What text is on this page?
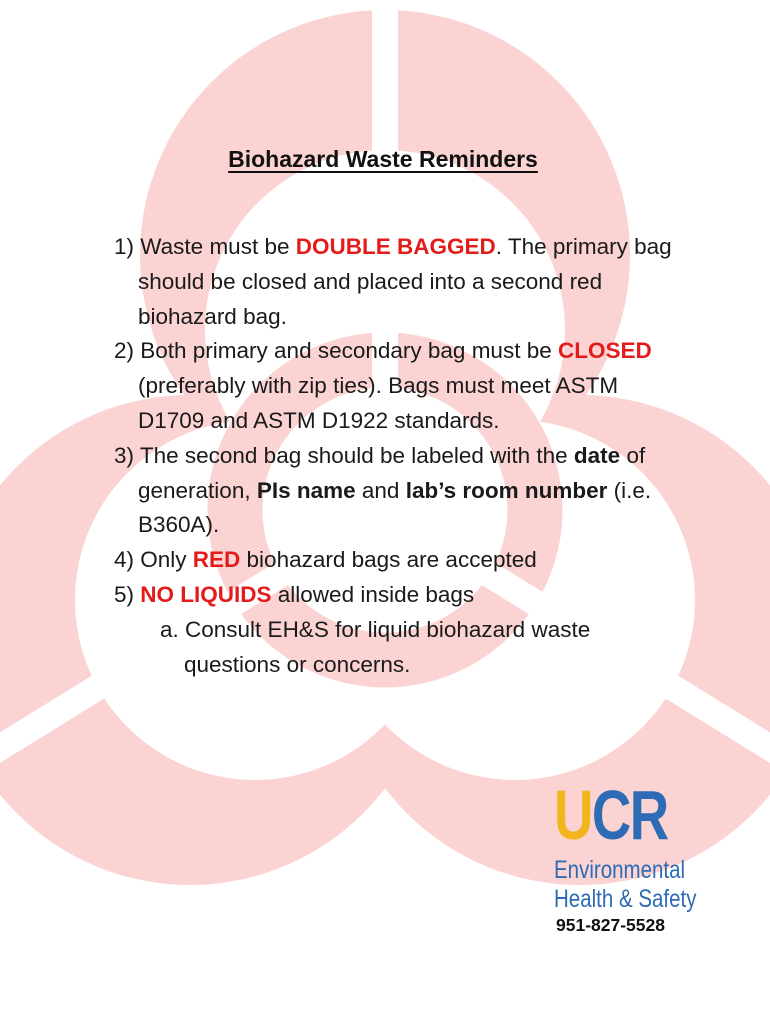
Biohazard Waste Reminders
1) Waste must be DOUBLE BAGGED. The primary bag should be closed and placed into a second red biohazard bag.
2) Both primary and secondary bag must be CLOSED (preferably with zip ties). Bags must meet ASTM D1709 and ASTM D1922 standards.
3) The second bag should be labeled with the date of generation, PIs name and lab’s room number (i.e. B360A).
4) Only RED biohazard bags are accepted
5) NO LIQUIDS allowed inside bags
a. Consult EH&S for liquid biohazard waste questions or concerns.
UCR
Environmental
Health & Safety
951-827-5528
